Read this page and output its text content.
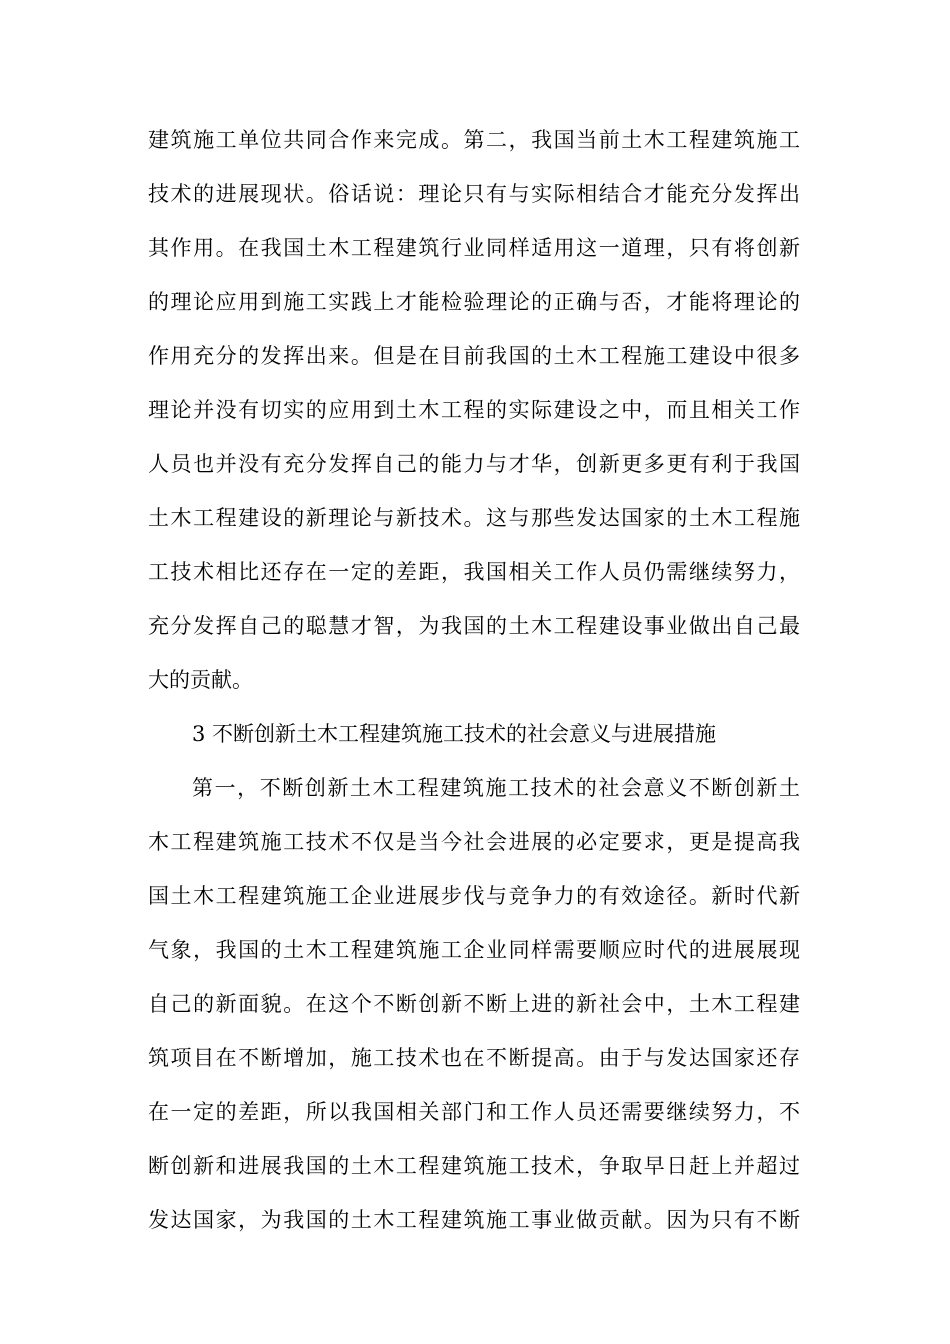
建筑施工单位共同合作来完成。第二，我国当前土木工程建筑施工
技术的进展现状。俗话说：理论只有与实际相结合才能充分发挥出
其作用。在我国土木工程建筑行业同样适用这一道理，只有将创新
的理论应用到施工实践上才能检验理论的正确与否，才能将理论的
作用充分的发挥出来。但是在目前我国的土木工程施工建设中很多
理论并没有切实的应用到土木工程的实际建设之中，而且相关工作
人员也并没有充分发挥自己的能力与才华，创新更多更有利于我国
土木工程建设的新理论与新技术。这与那些发达国家的土木工程施
工技术相比还存在一定的差距，我国相关工作人员仍需继续努力，
充分发挥自己的聪慧才智，为我国的土木工程建设事业做出自己最
大的贡献。
3 不断创新土木工程建筑施工技术的社会意义与进展措施
第一，不断创新土木工程建筑施工技术的社会意义不断创新土
木工程建筑施工技术不仅是当今社会进展的必定要求，更是提高我
国土木工程建筑施工企业进展步伐与竞争力的有效途径。新时代新
气象，我国的土木工程建筑施工企业同样需要顺应时代的进展展现
自己的新面貌。在这个不断创新不断上进的新社会中，土木工程建
筑项目在不断增加，施工技术也在不断提高。由于与发达国家还存
在一定的差距，所以我国相关部门和工作人员还需要继续努力，不
断创新和进展我国的土木工程建筑施工技术，争取早日赶上并超过
发达国家，为我国的土木工程建筑施工事业做贡献。因为只有不断
